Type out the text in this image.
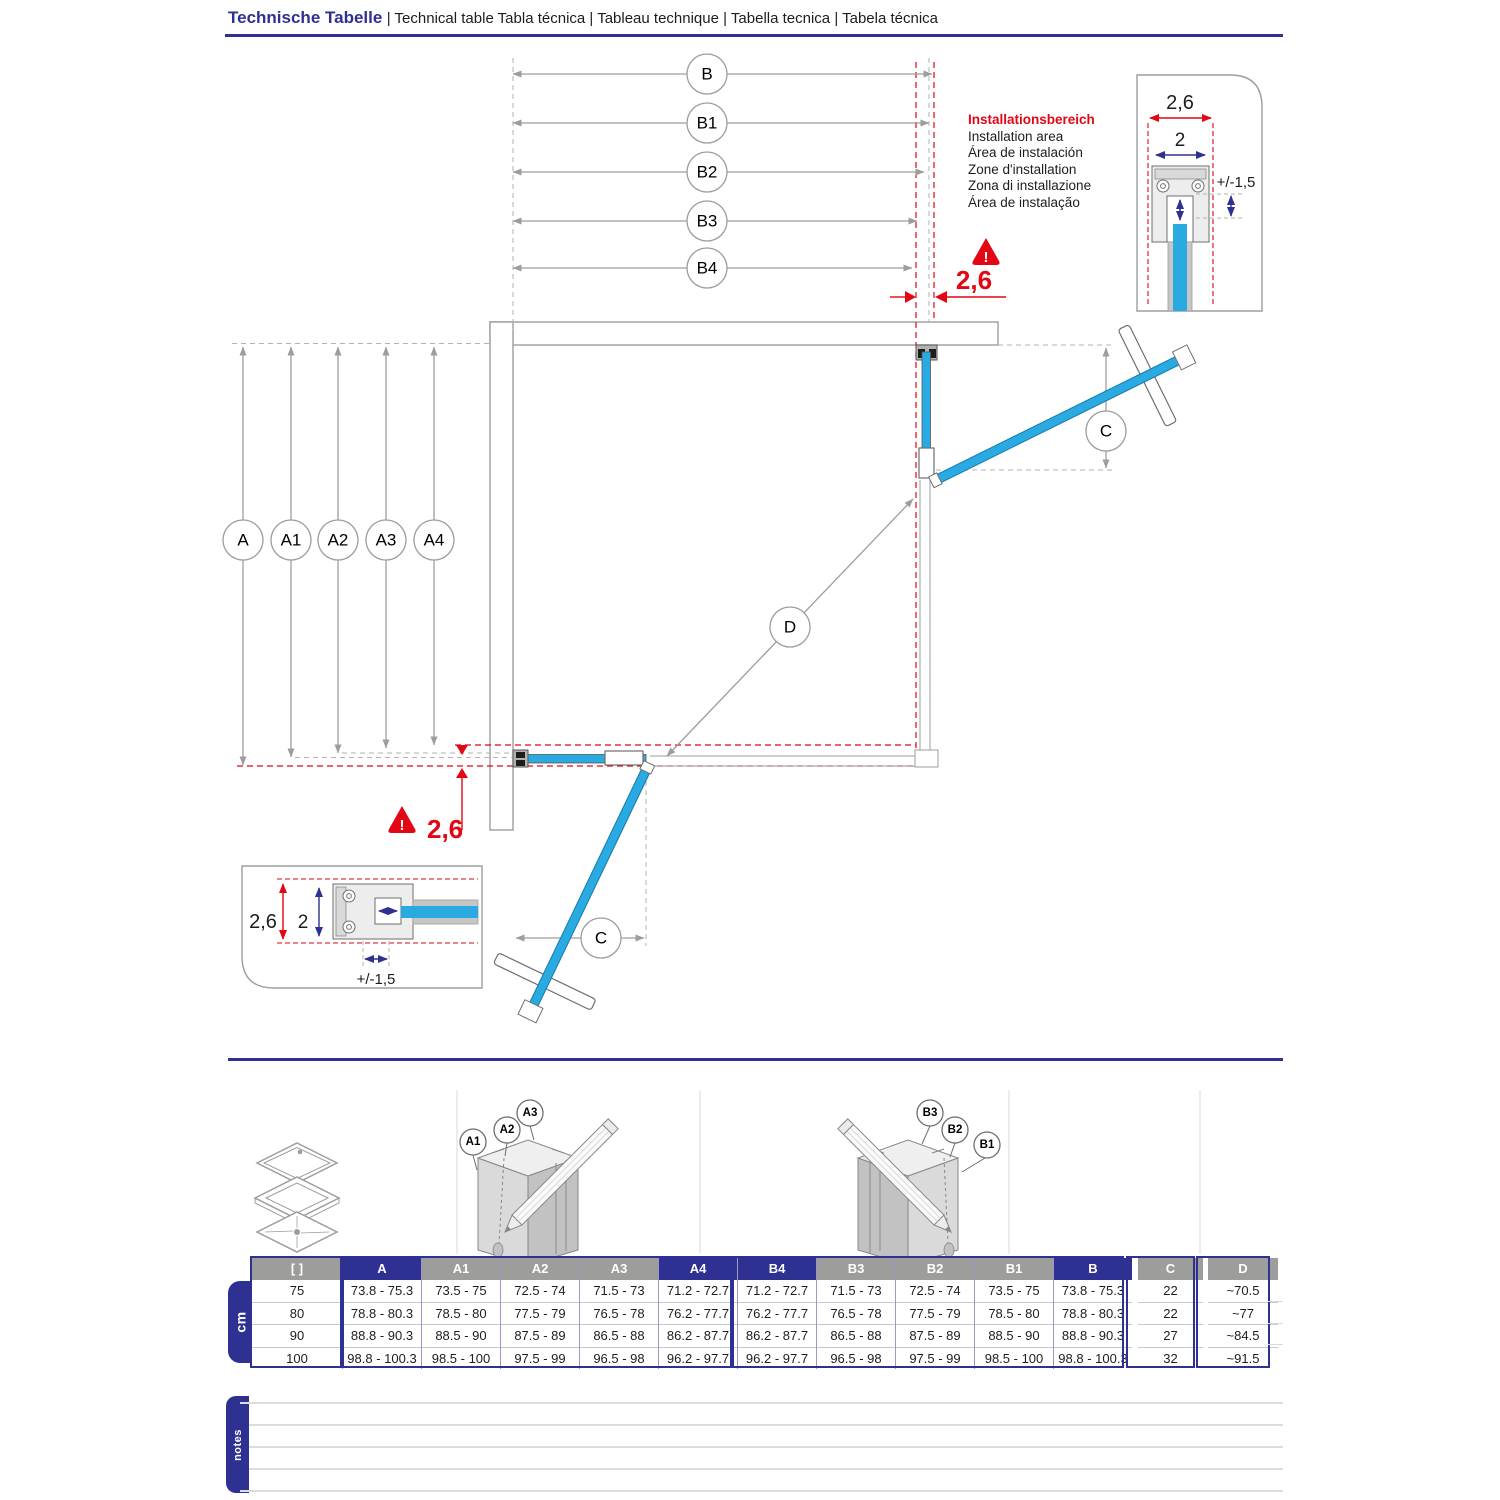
Technische Tabelle | Technical table Tabla técnica | Tableau technique | Tabella tecnica | Tabela técnica
Installationsbereich
Installation area
Área de instalación
Zone d'installation
Zona di installazione
Área de instalação
B
B1
B2
B3
B4
A A1 A2 A3 A4
D
C
C
!
2,6
! 2,6
2,6
2
+/-1,5
2,6 2
+/-1,5
A1
A2
A3	B3
B2
B1
cm
[ ]
75
80
90
100
A
73.8 - 75.3
78.8 - 80.3
88.8 - 90.3
98.8 - 100.3
A1
73.5 - 75
78.5 - 80
88.5 - 90
98.5 - 100
A2
72.5 - 74
77.5 - 79
87.5 - 89
97.5 - 99
A3
71.5 - 73
76.5 - 78
86.5 - 88
96.5 - 98
A4
71.2 - 72.7
76.2 - 77.7
86.2 - 87.7
96.2 - 97.7
B4
71.2 - 72.7
76.2 - 77.7
86.2 - 87.7
96.2 - 97.7
B3
71.5 - 73
76.5 - 78
86.5 - 88
96.5 - 98
B2
72.5 - 74
77.5 - 79
87.5 - 89
97.5 - 99
B1
73.5 - 75
78.5 - 80
88.5 - 90
98.5 - 100
B
73.8 - 75.3
78.8 - 80.3
88.8 - 90.3
98.8 - 100.3
C
22
22
27
32
D
~70.5
~77
~84.5
~91.5
notes
